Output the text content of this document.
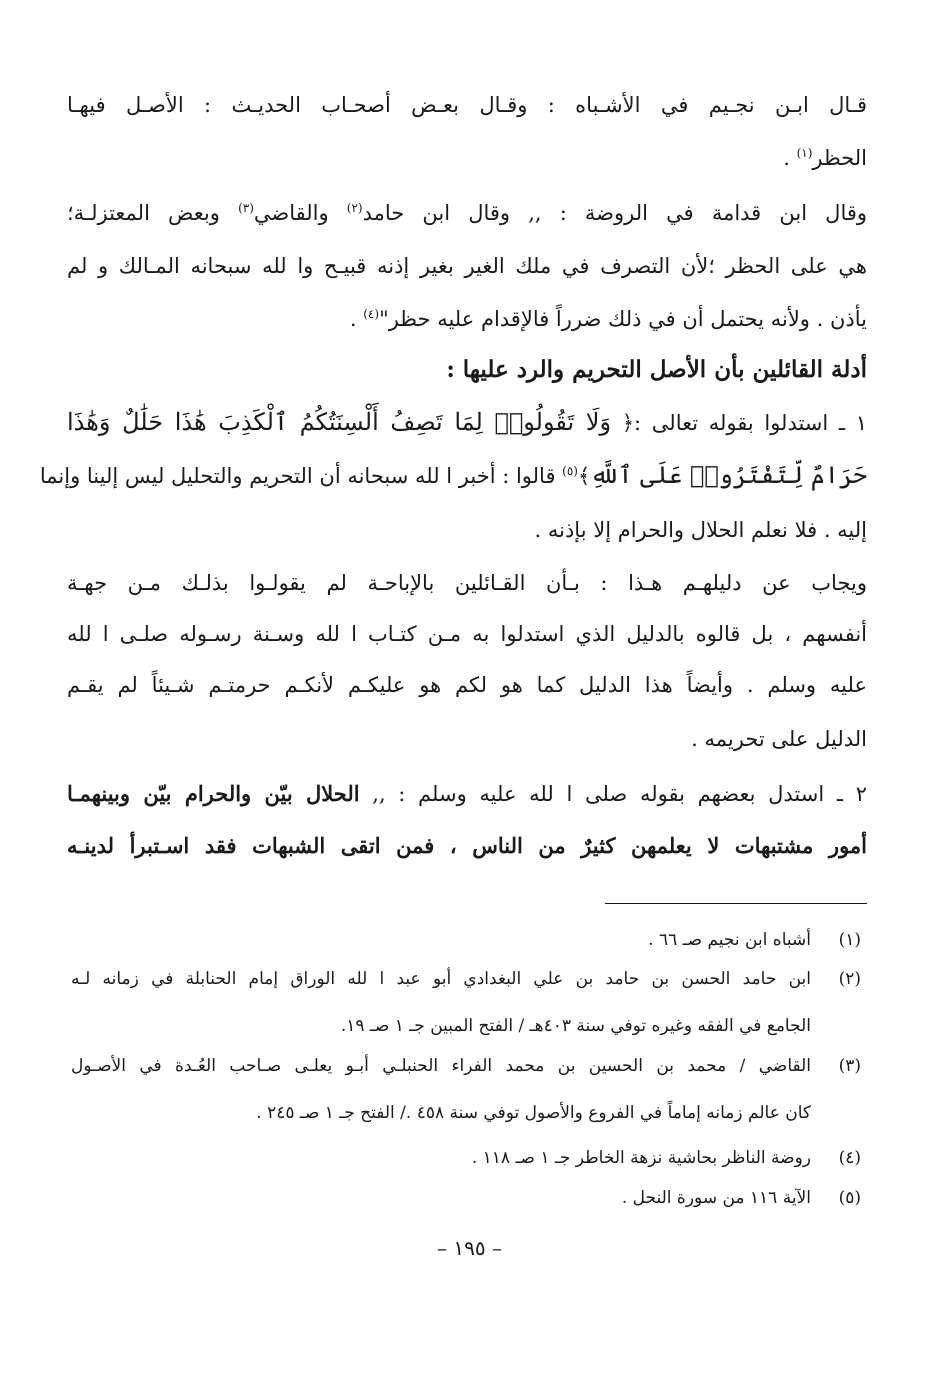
قـال ابـن نجـيم في الأشـباه : وقـال بعـض أصحـاب الحديـث : الأصـل فيهـا
الحظر$^{(١)}$ .
وقال ابن قدامة في الروضة : ,, وقال ابن حامد$^{(٢)}$ والقاضي$^{(٣)}$ وبعض المعتزلـة؛
هي على الحظر ؛لأن التصرف في ملك الغير بغير إذنه قبيـح وا لله سبحانه المـالك و لم
يأذن . ولأنه يحتمل أن في ذلك ضرراً فالإقدام عليه حظر"$^{(٤)}$ .
أدلة القائلين بأن الأصل التحريم والرد عليها :
١ ـ استدلوا بقوله تعالى :﴿ وَلَا تَقُولُوا۟ لِمَا تَصِفُ أَلْسِنَتُكُمُ ٱلْكَذِبَ هَٰذَا حَلَٰلٌ وَهَٰذَا
حَرَامٌ لِّتَفْتَرُوا۟ عَلَى ٱللَّهِ﴾$^{(٥)}$ قالوا : أخبر ا لله سبحانه أن التحريم والتحليل ليس إلينا وإنما
إليه . فلا نعلم الحلال والحرام إلا بإذنه .
ويجاب عن دليلهـم هـذا : بـأن القـائلين بالإباحـة لم يقولـوا بذلـك مـن جهـة
أنفسهم ، بل قالوه بالدليل الذي استدلوا به مـن كتـاب ا لله وسـنة رسـوله صلـى ا لله
عليه وسلم . وأيضاً هذا الدليل كما هو لكم هو عليكـم لأنكـم حرمتـم شـيئاً لم يقـم
الدليل على تحريمه .
٢ ـ استدل بعضهم بقوله صلى ا لله عليه وسلم : ,, الحلال بيّن والحرام بيّن وبينهمـا
أمور مشتبهات لا يعلمهن كثيرٌ من الناس ، فمن اتقى الشبهات فقد اسـتبرأ لدينـه
(١)
أشباه ابن نجيم صـ ٦٦ .
(٢)
ابن حامد الحسن بن حامد بن علي البغدادي أبو عبد ا لله الوراق إمام الحنابلة في زمانه لـه
الجامع في الفقه وغيره توفي سنة ٤٠٣هـ / الفتح المبين جـ ١ صـ ١٩.
(٣)
القاضي / محمد بن الحسين بن محمد الفراء الحنبلـي أبـو يعلـى صـاحب العُـدة في الأصـول
كان عالم زمانه إماماً في الفروع والأصول توفي سنة ٤٥٨ ./ الفتح جـ ١ صـ ٢٤٥ .
(٤)
روضة الناظر بحاشية نزهة الخاطر جـ ١ صـ ١١٨ .
(٥)
الآية ١١٦ من سورة النحل .
– ١٩٥ –
